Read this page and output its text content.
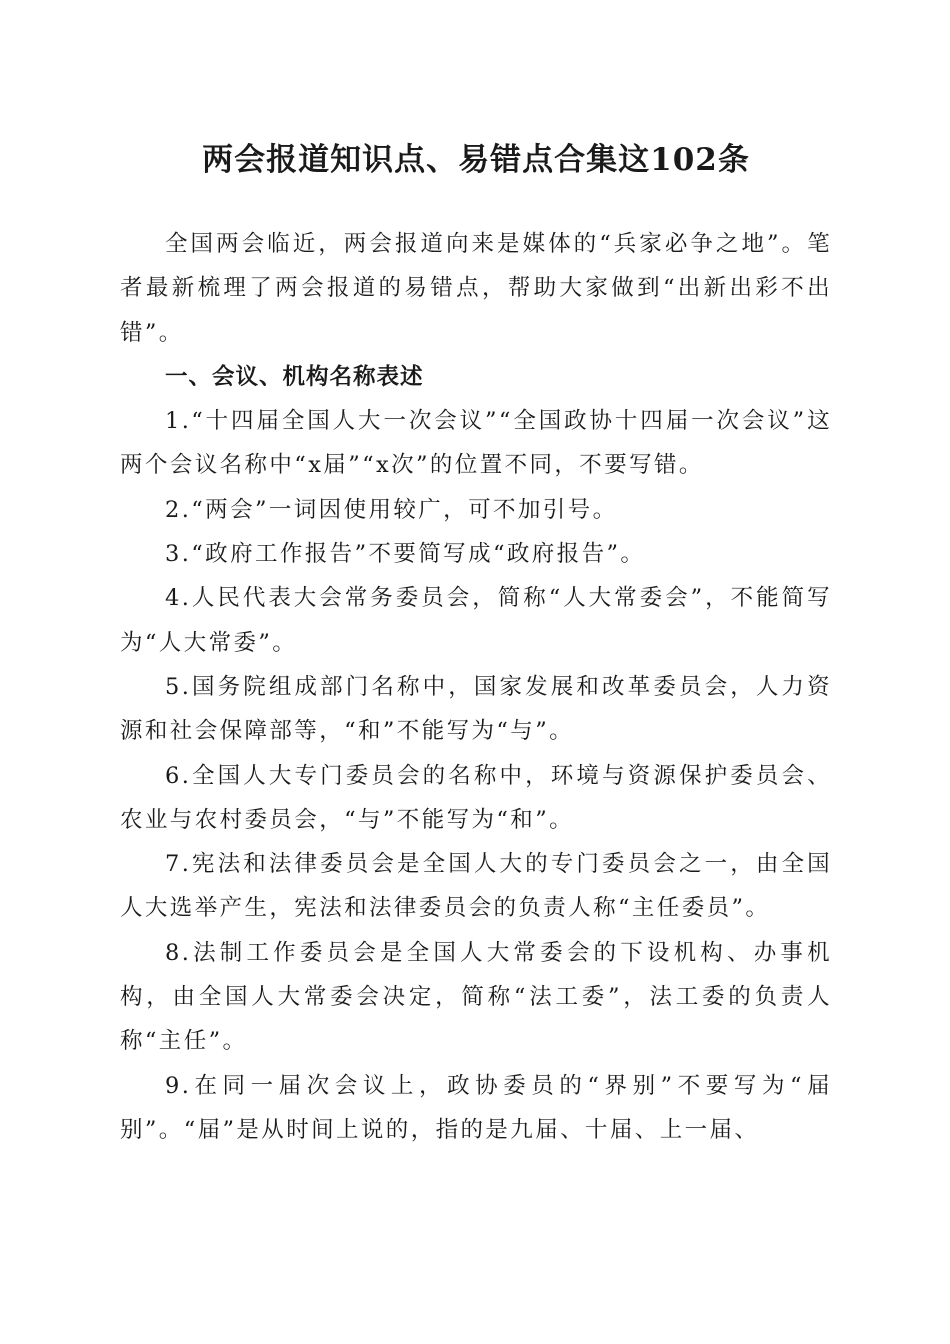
两会报道知识点、易错点合集这102条

全国两会临近，两会报道向来是媒体的“兵家必争之地”。笔者最新梳理了两会报道的易错点，帮助大家做到“出新出彩不出错”。

一、会议、机构名称表述

1.“十四届全国人大一次会议”“全国政协十四届一次会议”这两个会议名称中“x届”“x次”的位置不同，不要写错。

2.“两会”一词因使用较广，可不加引号。

3.“政府工作报告”不要简写成“政府报告”。

4.人民代表大会常务委员会，简称“人大常委会”，不能简写为“人大常委”。

5.国务院组成部门名称中，国家发展和改革委员会，人力资源和社会保障部等，“和”不能写为“与”。

6.全国人大专门委员会的名称中，环境与资源保护委员会、农业与农村委员会，“与”不能写为“和”。

7.宪法和法律委员会是全国人大的专门委员会之一，由全国人大选举产生，宪法和法律委员会的负责人称“主任委员”。

8.法制工作委员会是全国人大常委会的下设机构、办事机构，由全国人大常委会决定，简称“法工委”，法工委的负责人称“主任”。

9.在同一届次会议上，政协委员的“界别”不要写为“届别”。“届”是从时间上说的，指的是九届、十届、上一届、
